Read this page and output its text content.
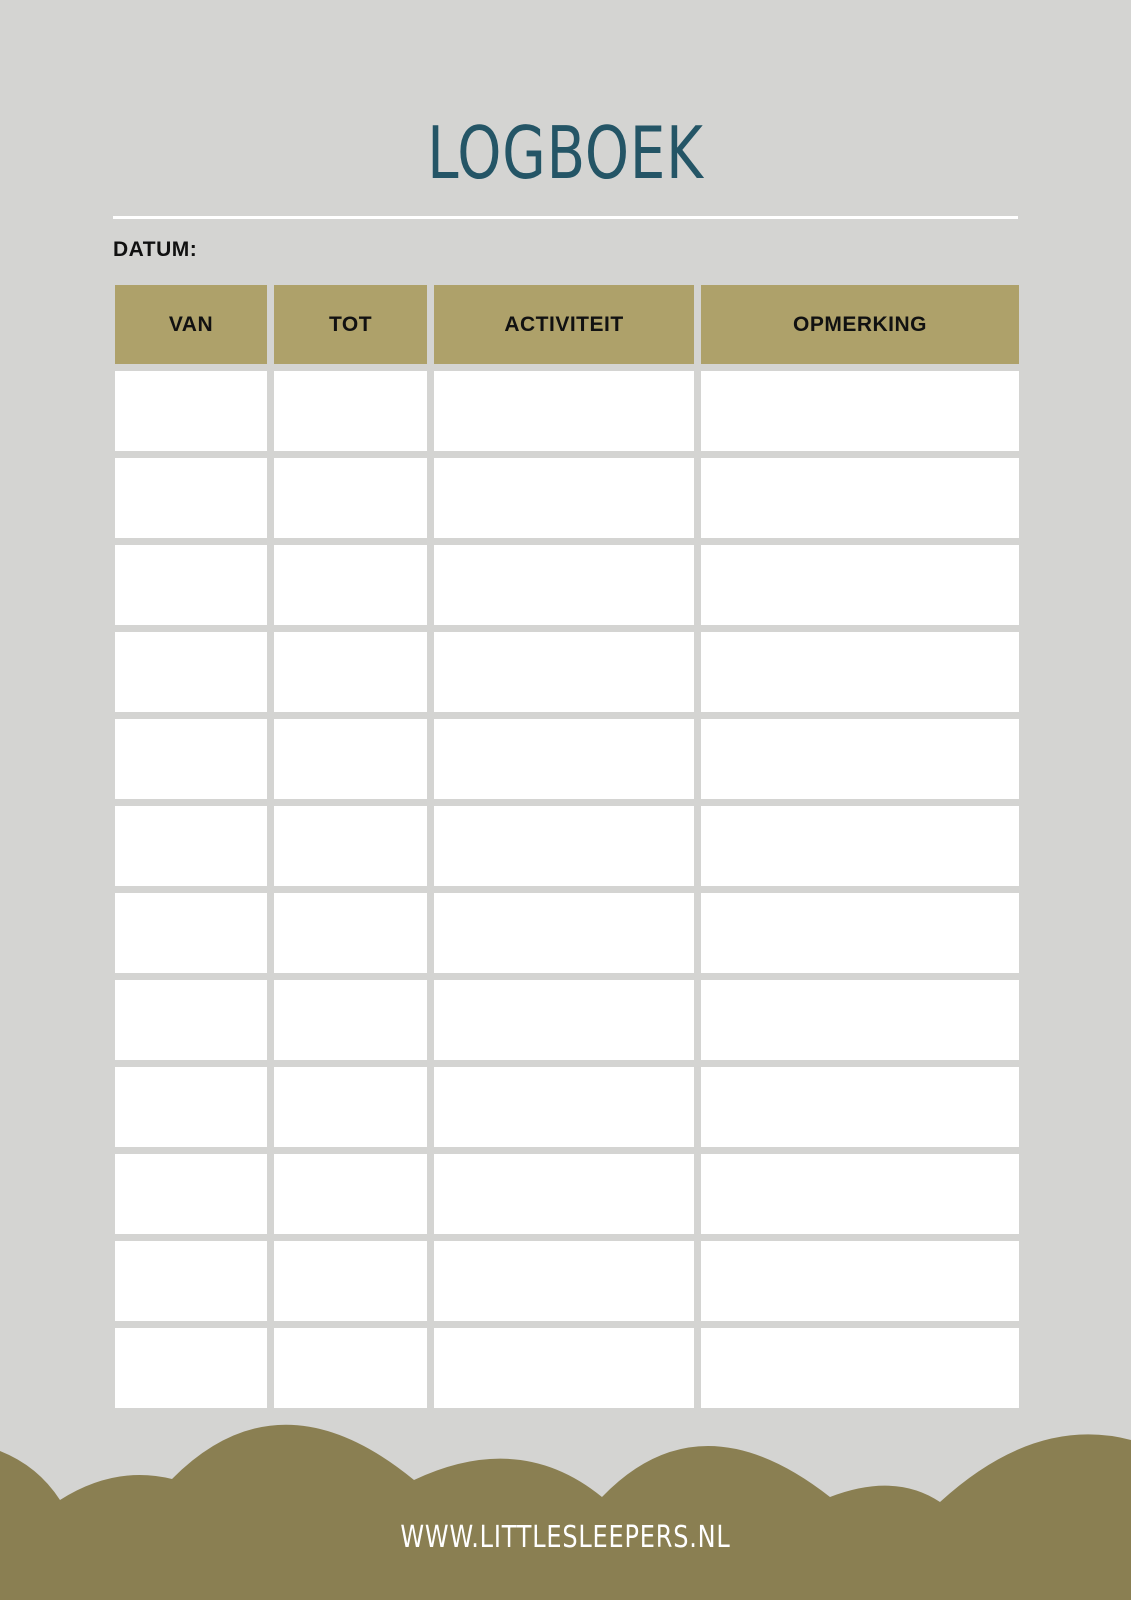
LOGBOEK
DATUM:
VAN	TOT	ACTIVITEIT	OPMERKING
WWW.LITTLESLEEPERS.NL
